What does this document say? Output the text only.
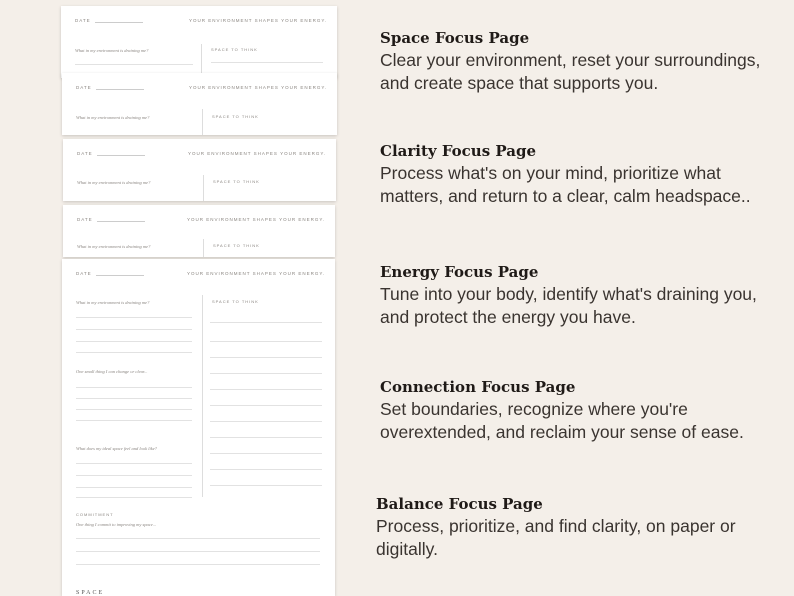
DATE	YOUR ENVIRONMENT SHAPES YOUR ENERGY.
What in my environment is draining me?	SPACE TO THINK
DATE	YOUR ENVIRONMENT SHAPES YOUR ENERGY.
What in my environment is draining me?	SPACE TO THINK
DATE	YOUR ENVIRONMENT SHAPES YOUR ENERGY.
What in my environment is draining me?	SPACE TO THINK
DATE	YOUR ENVIRONMENT SHAPES YOUR ENERGY.
What in my environment is draining me?	SPACE TO THINK
DATE	YOUR ENVIRONMENT SHAPES YOUR ENERGY.
What in my environment is draining me?	SPACE TO THINK
One small thing I can change or clear...
What does my ideal space feel and look like?
COMMITMENT
One thing I commit to improving my space...
SPACE
Space Focus Page

Clear your environment, reset your surroundings, and create space that supports you.

Clarity Focus Page

Process what's on your mind, prioritize what matters, and return to a clear, calm headspace..

Energy Focus Page

Tune into your body, identify what's draining you, and protect the energy you have.

Connection Focus Page

Set boundaries, recognize where you're overextended, and reclaim your sense of ease.

Balance Focus Page

Process, prioritize, and find clarity, on paper or digitally.
